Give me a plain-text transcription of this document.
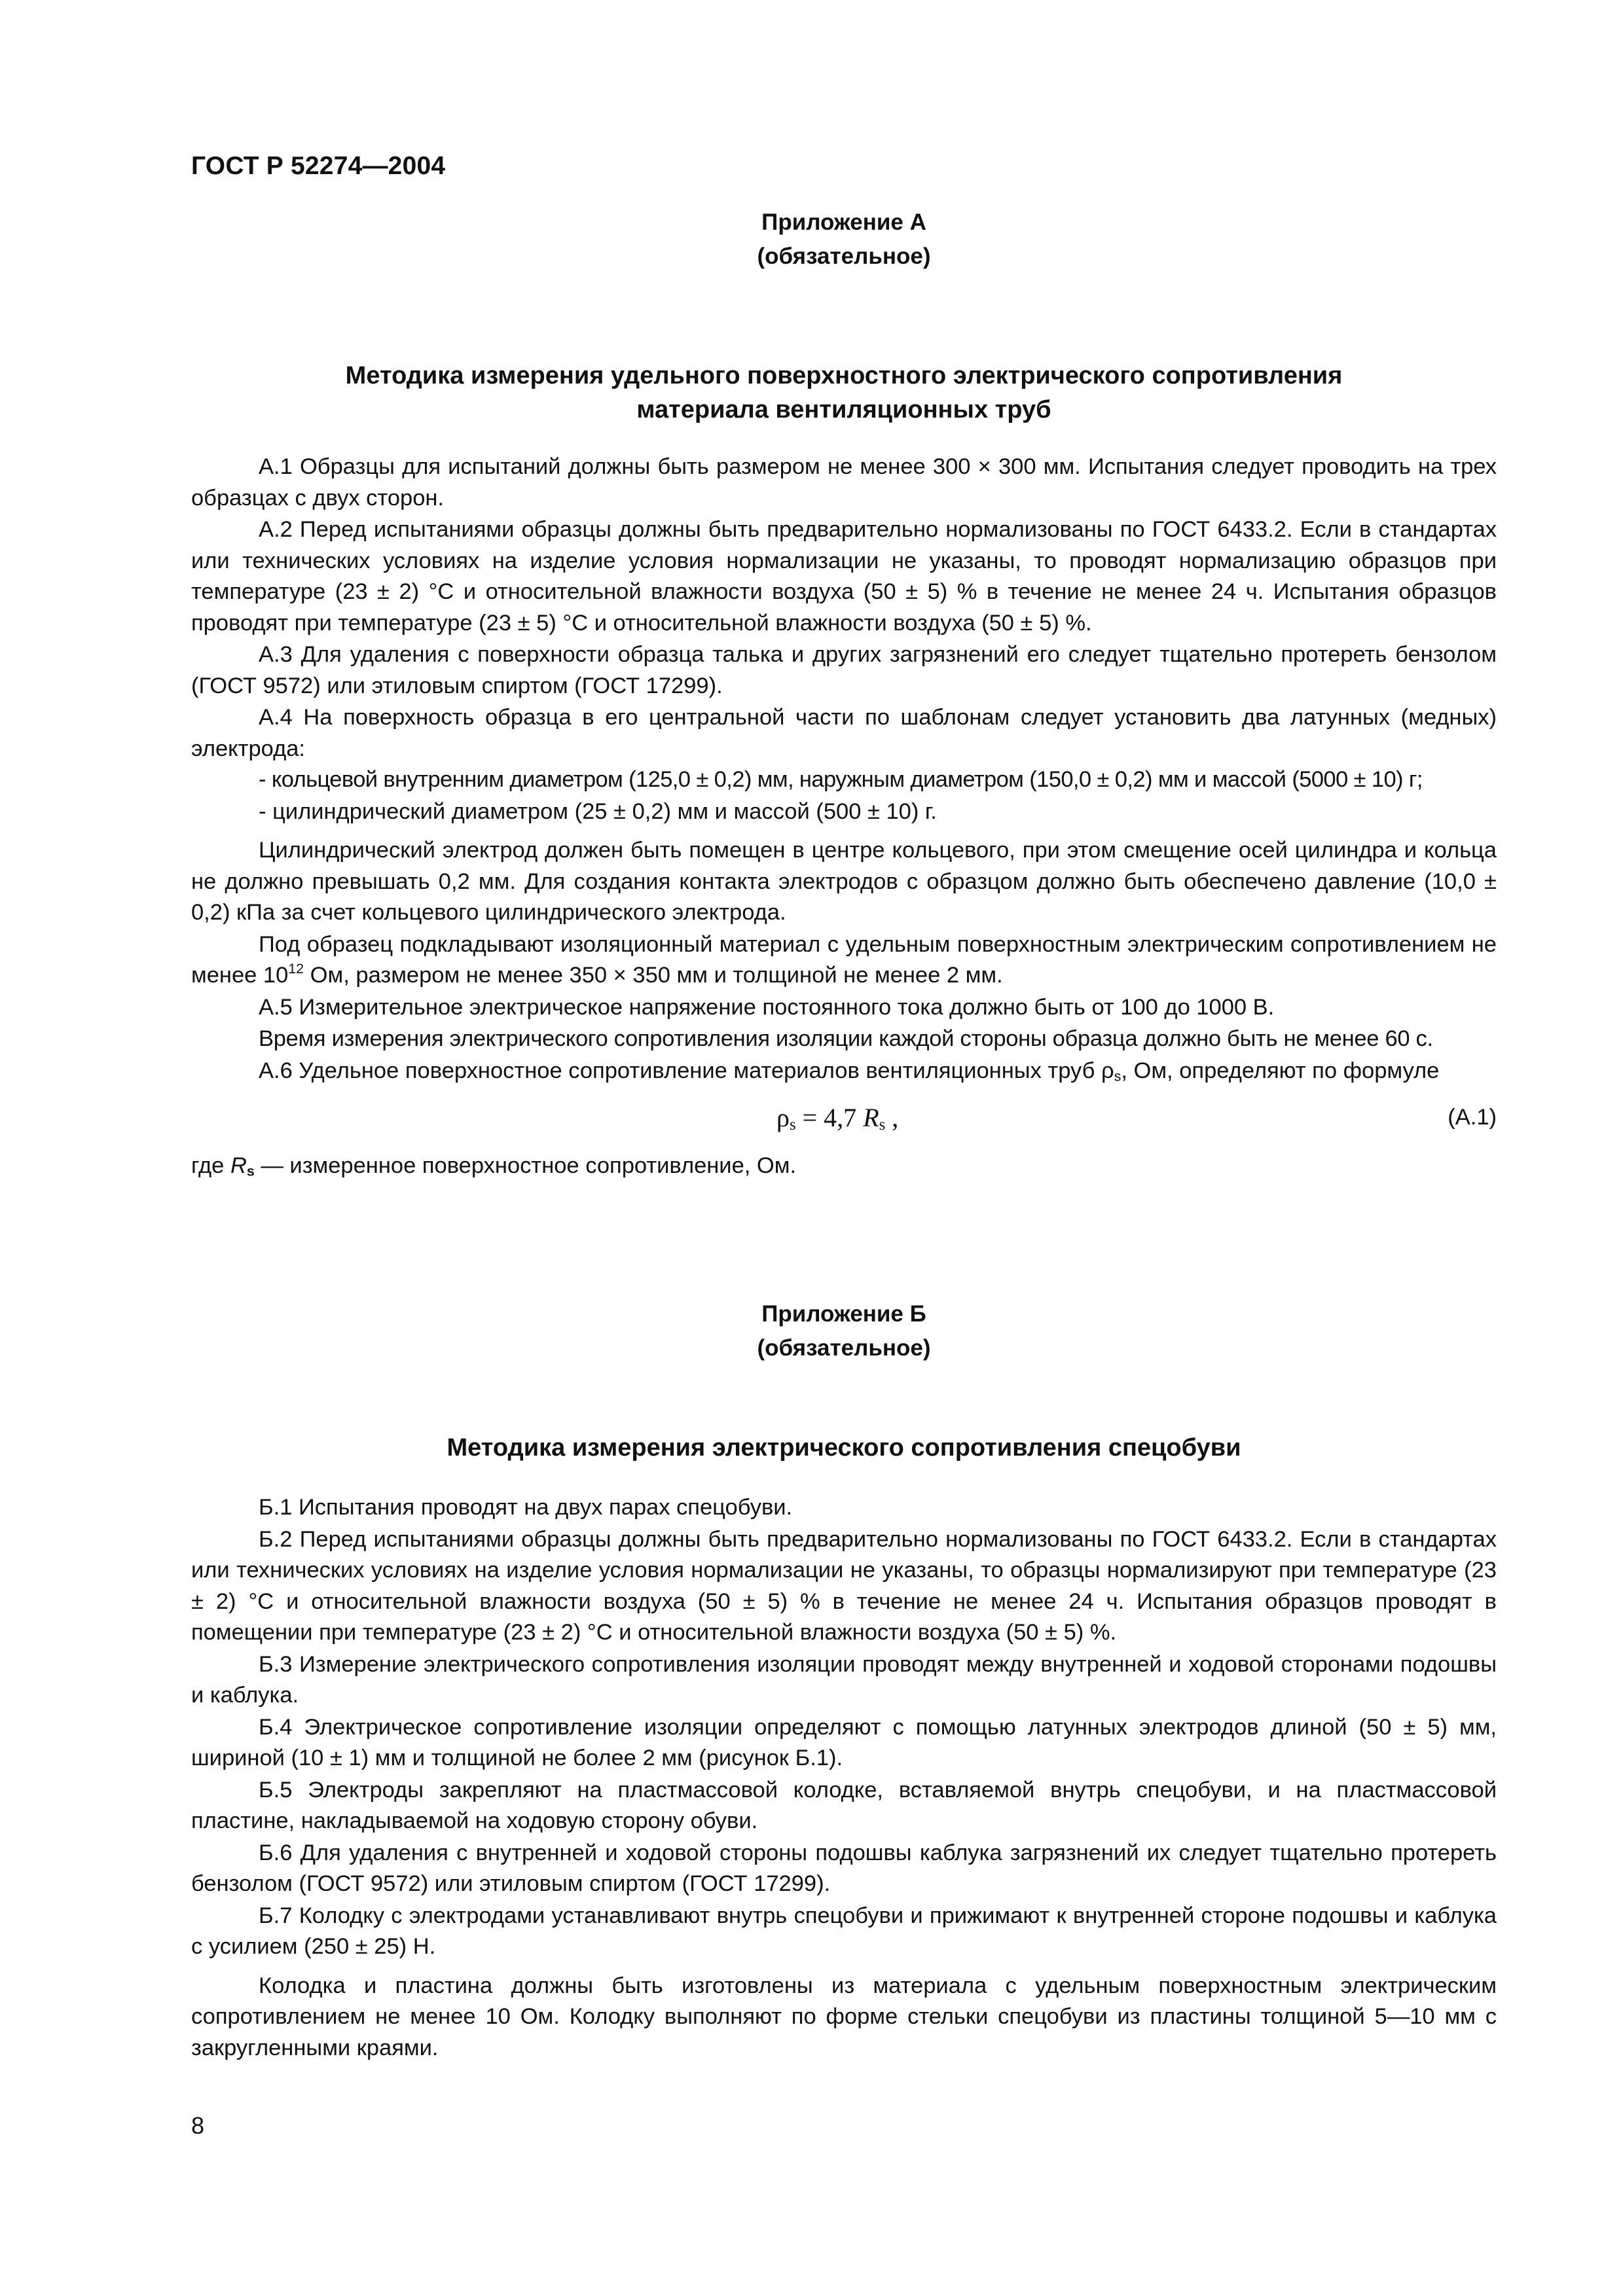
ГОСТ Р 52274—2004
Приложение А
(обязательное)
Методика измерения удельного поверхностного электрического сопротивления
материала вентиляционных труб

А.1 Образцы для испытаний должны быть размером не менее 300 × 300 мм. Испытания следует проводить на трех образцах с двух сторон.

А.2 Перед испытаниями образцы должны быть предварительно нормализованы по ГОСТ 6433.2. Если в стандартах или технических условиях на изделие условия нормализации не указаны, то проводят нормализацию образцов при температуре (23 ± 2) °С и относительной влажности воздуха (50 ± 5) % в течение не менее 24 ч. Испытания образцов проводят при температуре (23 ± 5) °С и относительной влажности воздуха (50 ± 5) %.

А.3 Для удаления с поверхности образца талька и других загрязнений его следует тщательно протереть бензолом (ГОСТ 9572) или этиловым спиртом (ГОСТ 17299).

А.4 На поверхность образца в его центральной части по шаблонам следует установить два латунных (медных) электрода:

- кольцевой внутренним диаметром (125,0 ± 0,2) мм, наружным диаметром (150,0 ± 0,2) мм и массой (5000 ± 10) г;

- цилиндрический диаметром (25 ± 0,2) мм и массой (500 ± 10) г.

Цилиндрический электрод должен быть помещен в центре кольцевого, при этом смещение осей цилиндра и кольца не должно превышать 0,2 мм. Для создания контакта электродов с образцом должно быть обеспечено давление (10,0 ± 0,2) кПа за счет кольцевого цилиндрического электрода.

Под образец подкладывают изоляционный материал с удельным поверхностным электрическим сопротивлением не менее $10^{12}$ Ом, размером не менее 350 × 350 мм и толщиной не менее 2 мм.

А.5 Измерительное электрическое напряжение постоянного тока должно быть от 100 до 1000 В.

Время измерения электрического сопротивления изоляции каждой стороны образца должно быть не менее 60 с.

А.6 Удельное поверхностное сопротивление материалов вентиляционных труб $\rho_s$, Ом, определяют по формуле

$\rho_s = 4,7$ $R_s$ ,	(А.1)

где $R_s$ — измеренное поверхностное сопротивление, Ом.

Приложение Б
(обязательное)
Методика измерения электрического сопротивления спецобуви

Б.1 Испытания проводят на двух парах спецобуви.

Б.2 Перед испытаниями образцы должны быть предварительно нормализованы по ГОСТ 6433.2. Если в стандартах или технических условиях на изделие условия нормализации не указаны, то образцы нормализируют при температуре (23 ± 2) °С и относительной влажности воздуха (50 ± 5) % в течение не менее 24 ч. Испытания образцов проводят в помещении при температуре (23 ± 2) °С и относительной влажности воздуха (50 ± 5) %.

Б.3 Измерение электрического сопротивления изоляции проводят между внутренней и ходовой сторонами подошвы и каблука.

Б.4 Электрическое сопротивление изоляции определяют с помощью латунных электродов длиной (50 ± 5) мм, шириной (10 ± 1) мм и толщиной не более 2 мм (рисунок Б.1).

Б.5 Электроды закрепляют на пластмассовой колодке, вставляемой внутрь спецобуви, и на пластмассовой пластине, накладываемой на ходовую сторону обуви.

Б.6 Для удаления с внутренней и ходовой стороны подошвы каблука загрязнений их следует тщательно протереть бензолом (ГОСТ 9572) или этиловым спиртом (ГОСТ 17299).

Б.7 Колодку с электродами устанавливают внутрь спецобуви и прижимают к внутренней стороне подошвы и каблука с усилием (250 ± 25) Н.

Колодка и пластина должны быть изготовлены из материала с удельным поверхностным электрическим сопротивлением не менее 10 Ом. Колодку выполняют по форме стельки спецобуви из пластины толщиной 5—10 мм с закругленными краями.

8
